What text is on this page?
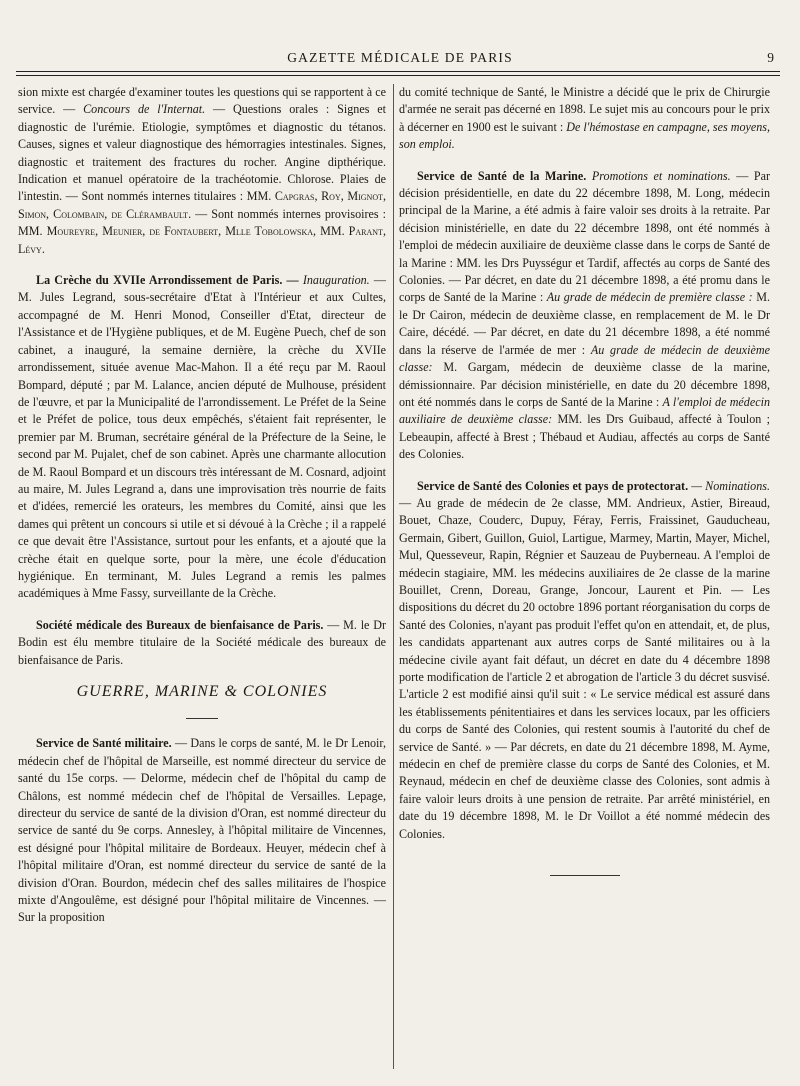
GAZETTE MÉDICALE DE PARIS	9

sion mixte est chargée d'examiner toutes les questions qui se rapportent à ce service. — Concours de l'Internat. — Questions orales : Signes et diagnostic de l'urémie. Etiologie, symptômes et diagnostic du tétanos. Causes, signes et valeur diagnostique des hémorragies intestinales. Signes, diagnostic et traitement des fractures du rocher. Angine dipthérique. Indication et manuel opératoire de la trachéotomie. Chlorose. Plaies de l'intestin. — Sont nommés internes titulaires : MM. Capgras, Roy, Mignot, Simon, Colombain, de Clérambault. — Sont nommés internes provisoires : MM. Moureyre, Meunier, de Fontaubert, Mlle Tobolowska, MM. Parant, Lévy.

La Crèche du XVIIe Arrondissement de Paris. — Inauguration. — M. Jules Legrand, sous-secrétaire d'Etat à l'Intérieur et aux Cultes, accompagné de M. Henri Monod, Conseiller d'Etat, directeur de l'Assistance et de l'Hygiène publiques, et de M. Eugène Puech, chef de son cabinet, a inauguré, la semaine dernière, la crèche du XVIIe arrondissement, située avenue Mac-Mahon. Il a été reçu par M. Raoul Bompard, député ; par M. Lalance, ancien député de Mulhouse, président de l'œuvre, et par la Municipalité de l'arrondissement. Le Préfet de la Seine et le Préfet de police, tous deux empêchés, s'étaient fait représenter, le premier par M. Bruman, secrétaire général de la Préfecture de la Seine, le second par M. Pujalet, chef de son cabinet. Après une charmante allocution de M. Raoul Bompard et un discours très intéressant de M. Cosnard, adjoint au maire, M. Jules Legrand a, dans une improvisation très nourrie de faits et d'idées, remercié les orateurs, les membres du Comité, ainsi que les dames qui prêtent un concours si utile et si dévoué à la Crèche ; il a rappelé ce que devait être l'Assistance, surtout pour les enfants, et a ajouté que la crèche était en quelque sorte, pour la mère, une école d'éducation hygiénique. En terminant, M. Jules Legrand a remis les palmes académiques à Mme Fassy, surveillante de la Crèche.

Société médicale des Bureaux de bienfaisance de Paris. — M. le Dr Bodin est élu membre titulaire de la Société médicale des bureaux de bienfaisance de Paris.

GUERRE, MARINE & COLONIES

Service de Santé militaire. — Dans le corps de santé, M. le Dr Lenoir, médecin chef de l'hôpital de Marseille, est nommé directeur du service de santé du 15e corps. — Delorme, médecin chef de l'hôpital du camp de Châlons, est nommé médecin chef de l'hôpital de Versailles. Lepage, directeur du service de santé de la division d'Oran, est nommé directeur du service de santé du 9e corps. Annesley, à l'hôpital militaire de Vincennes, est désigné pour l'hôpital militaire de Bordeaux. Heuyer, médecin chef à l'hôpital militaire d'Oran, est nommé directeur du service de santé de la division d'Oran. Bourdon, médecin chef des salles militaires de l'hospice mixte d'Angoulême, est désigné pour l'hôpital militaire de Vincennes. — Sur la proposition

du comité technique de Santé, le Ministre a décidé que le prix de Chirurgie d'armée ne serait pas décerné en 1898. Le sujet mis au concours pour le prix à décerner en 1900 est le suivant : De l'hémostase en campagne, ses moyens, son emploi.

Service de Santé de la Marine. Promotions et nominations. — Par décision présidentielle, en date du 22 décembre 1898, M. Long, médecin principal de la Marine, a été admis à faire valoir ses droits à la retraite. Par décision ministérielle, en date du 22 décembre 1898, ont été nommés à l'emploi de médecin auxiliaire de deuxième classe dans le corps de Santé de la Marine : MM. les Drs Puysségur et Tardif, affectés au corps de Santé des Colonies. — Par décret, en date du 21 décembre 1898, a été promu dans le corps de Santé de la Marine : Au grade de médecin de première classe : M. le Dr Cairon, médecin de deuxième classe, en remplacement de M. le Dr Caire, décédé. — Par décret, en date du 21 décembre 1898, a été nommé dans la réserve de l'armée de mer : Au grade de médecin de deuxième classe: M. Gargam, médecin de deuxième classe de la marine, démissionnaire. Par décision ministérielle, en date du 20 décembre 1898, ont été nommés dans le corps de Santé de la Marine : A l'emploi de médecin auxiliaire de deuxième classe: MM. les Drs Guibaud, affecté à Toulon ; Lebeaupin, affecté à Brest ; Thébaud et Audiau, affectés au corps de Santé des Colonies.

Service de Santé des Colonies et pays de protectorat. — Nominations. — Au grade de médecin de 2e classe, MM. Andrieux, Astier, Bireaud, Bouet, Chaze, Couderc, Dupuy, Féray, Ferris, Fraissinet, Gauducheau, Germain, Gibert, Guillon, Guiol, Lartigue, Marmey, Martin, Mayer, Michel, Mul, Quesseveur, Rapin, Régnier et Sauzeau de Puyberneau. A l'emploi de médecin stagiaire, MM. les médecins auxiliaires de 2e classe de la marine Bouillet, Crenn, Doreau, Grange, Joncour, Laurent et Pin. — Les dispositions du décret du 20 octobre 1896 portant réorganisation du corps de Santé des Colonies, n'ayant pas produit l'effet qu'on en attendait, et, de plus, les candidats appartenant aux autres corps de Santé militaires ou à la médecine civile ayant fait défaut, un décret en date du 4 décembre 1898 porte modification de l'article 2 et abrogation de l'article 3 du décret susvisé. L'article 2 est modifié ainsi qu'il suit : « Le service médical est assuré dans les établissements pénitentiaires et dans les services locaux, par les officiers du corps de Santé des Colonies, qui restent soumis à l'autorité du chef de service de Santé. » — Par décrets, en date du 21 décembre 1898, M. Ayme, médecin en chef de première classe du corps de Santé des Colonies, et M. Reynaud, médecin en chef de deuxième classe des Colonies, sont admis à faire valoir leurs droits à une pension de retraite. Par arrêté ministériel, en date du 19 décembre 1898, M. le Dr Voillot a été nommé médecin des Colonies.
